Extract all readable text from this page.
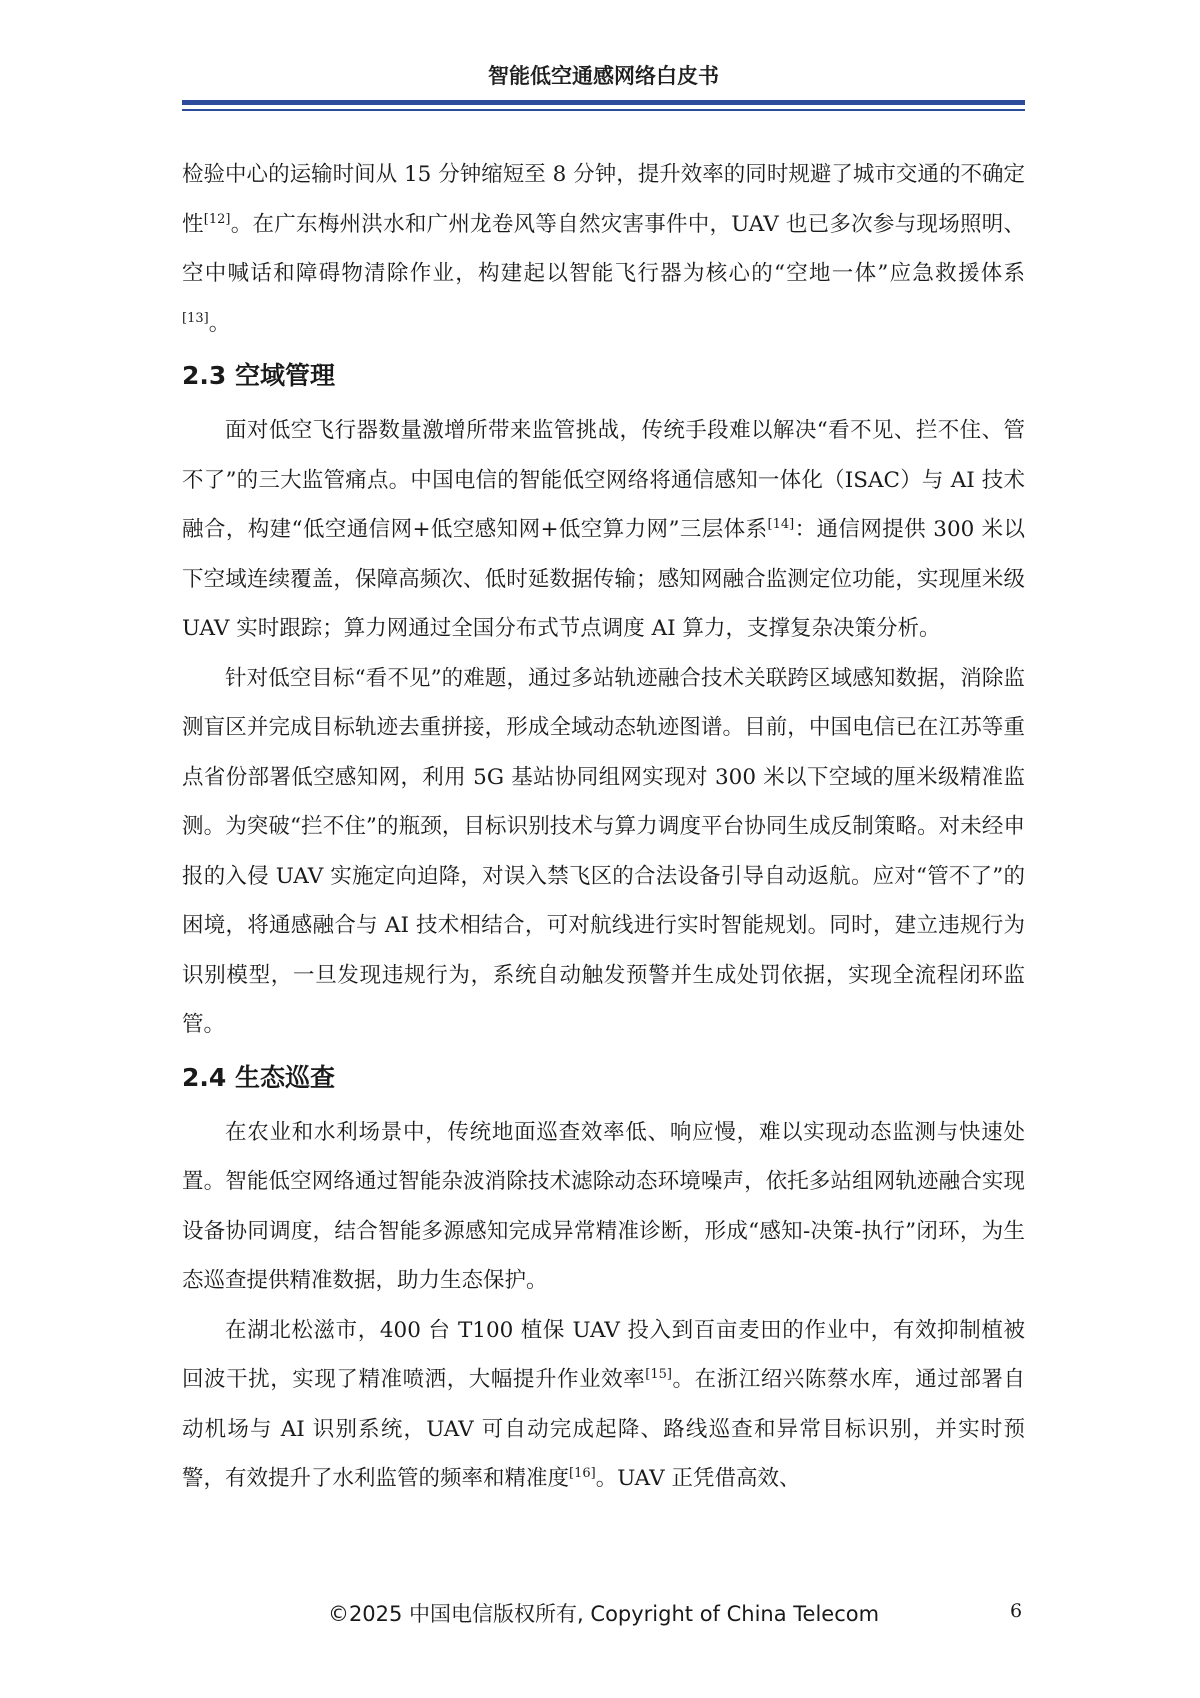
智能低空通感网络白皮书

检验中心的运输时间从 15 分钟缩短至 8 分钟，提升效率的同时规避了城市交通的不确定性[12]。在广东梅州洪水和广州龙卷风等自然灾害事件中，UAV 也已多次参与现场照明、空中喊话和障碍物清除作业，构建起以智能飞行器为核心的“空地一体”应急救援体系[13]。

2.3 空域管理

面对低空飞行器数量激增所带来监管挑战，传统手段难以解决“看不见、拦不住、管不了”的三大监管痛点。中国电信的智能低空网络将通信感知一体化（ISAC）与 AI 技术融合，构建“低空通信网+低空感知网+低空算力网”三层体系[14]：通信网提供 300 米以下空域连续覆盖，保障高频次、低时延数据传输；感知网融合监测定位功能，实现厘米级 UAV 实时跟踪；算力网通过全国分布式节点调度 AI 算力，支撑复杂决策分析。

针对低空目标“看不见”的难题，通过多站轨迹融合技术关联跨区域感知数据，消除监测盲区并完成目标轨迹去重拼接，形成全域动态轨迹图谱。目前，中国电信已在江苏等重点省份部署低空感知网，利用 5G 基站协同组网实现对 300 米以下空域的厘米级精准监测。为突破“拦不住”的瓶颈，目标识别技术与算力调度平台协同生成反制策略。对未经申报的入侵 UAV 实施定向迫降，对误入禁飞区的合法设备引导自动返航。应对“管不了”的困境，将通感融合与 AI 技术相结合，可对航线进行实时智能规划。同时，建立违规行为识别模型，一旦发现违规行为，系统自动触发预警并生成处罚依据，实现全流程闭环监管。

2.4 生态巡查

在农业和水利场景中，传统地面巡查效率低、响应慢，难以实现动态监测与快速处置。智能低空网络通过智能杂波消除技术滤除动态环境噪声，依托多站组网轨迹融合实现设备协同调度，结合智能多源感知完成异常精准诊断，形成“感知-决策-执行”闭环，为生态巡查提供精准数据，助力生态保护。

在湖北松滋市，400 台 T100 植保 UAV 投入到百亩麦田的作业中，有效抑制植被回波干扰，实现了精准喷洒，大幅提升作业效率[15]。在浙江绍兴陈蔡水库，通过部署自动机场与 AI 识别系统，UAV 可自动完成起降、路线巡查和异常目标识别，并实时预警，有效提升了水利监管的频率和精准度[16]。UAV 正凭借高效、

©2025 中国电信版权所有, Copyright of China Telecom	6
